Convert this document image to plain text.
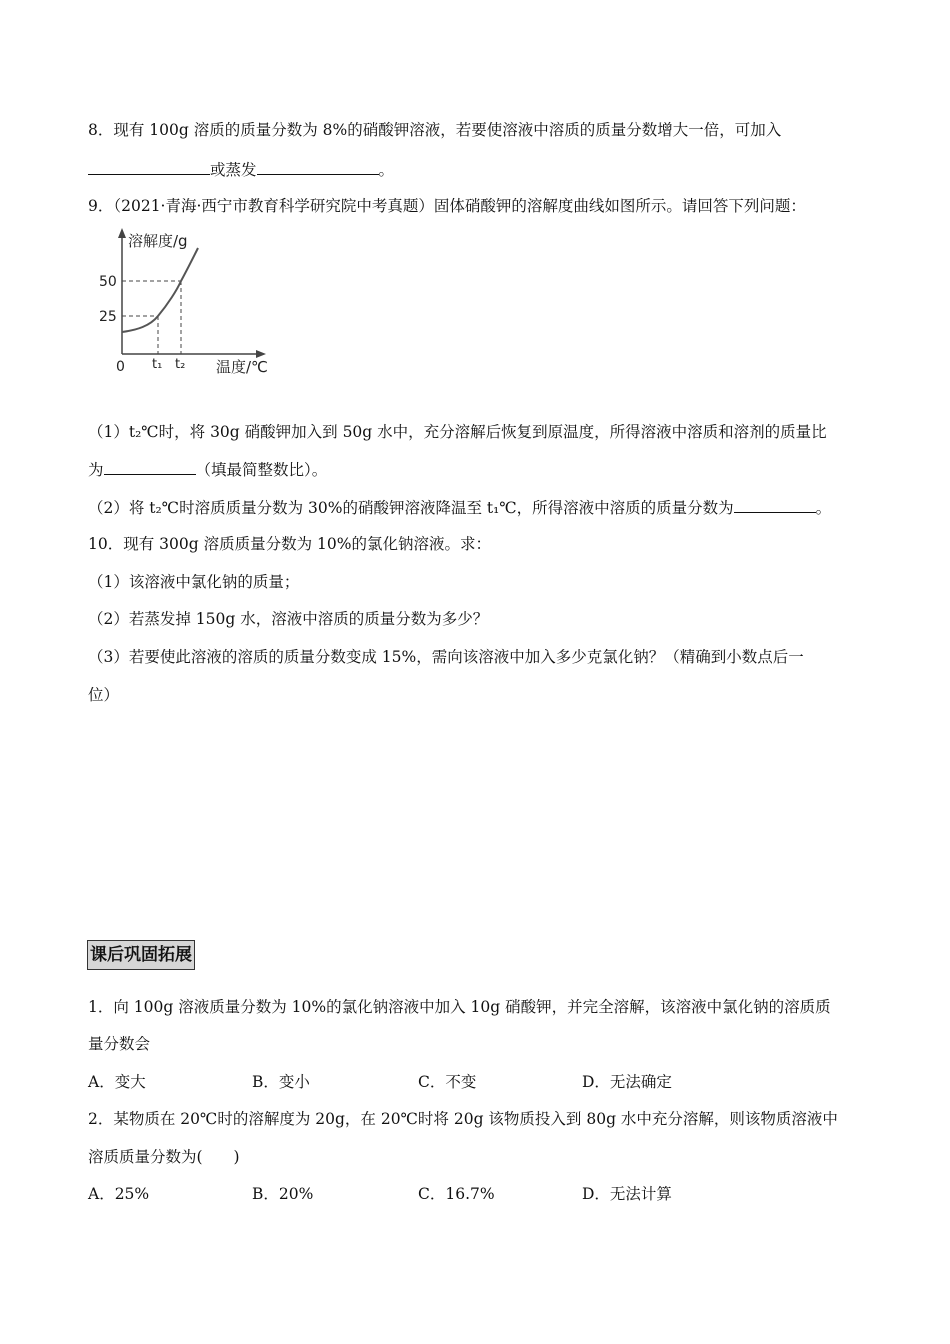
8．现有 100g 溶质的质量分数为 8%的硝酸钾溶液，若要使溶液中溶质的质量分数增大一倍，可加入
或蒸发	。
9．（2021·青海·西宁市教育科学研究院中考真题）固体硝酸钾的溶解度曲线如图所示。请回答下列问题：
溶解度/g
50
25
0 t₁ t₂ 温度/℃
（1）t₂℃时，将 30g 硝酸钾加入到 50g 水中，充分溶解后恢复到原温度，所得溶液中溶质和溶剂的质量比
为	（填最简整数比）。
（2）将 t₂℃时溶质质量分数为 30%的硝酸钾溶液降温至 t₁℃，所得溶液中溶质的质量分数为	。
10．现有 300g 溶质质量分数为 10%的氯化钠溶液。求：
（1）该溶液中氯化钠的质量；
（2）若蒸发掉 150g 水，溶液中溶质的质量分数为多少？
（3）若要使此溶液的溶质的质量分数变成 15%，需向该溶液中加入多少克氯化钠？（精确到小数点后一
位）
课后巩固拓展
1．向 100g 溶液质量分数为 10%的氯化钠溶液中加入 10g 硝酸钾，并完全溶解，该溶液中氯化钠的溶质质
量分数会
A．变大	B．变小	C．不变	D．无法确定
2．某物质在 20℃时的溶解度为 20g，在 20℃时将 20g 该物质投入到 80g 水中充分溶解，则该物质溶液中
溶质质量分数为(　　)
A．25%	B．20%	C．16.7%	D．无法计算
